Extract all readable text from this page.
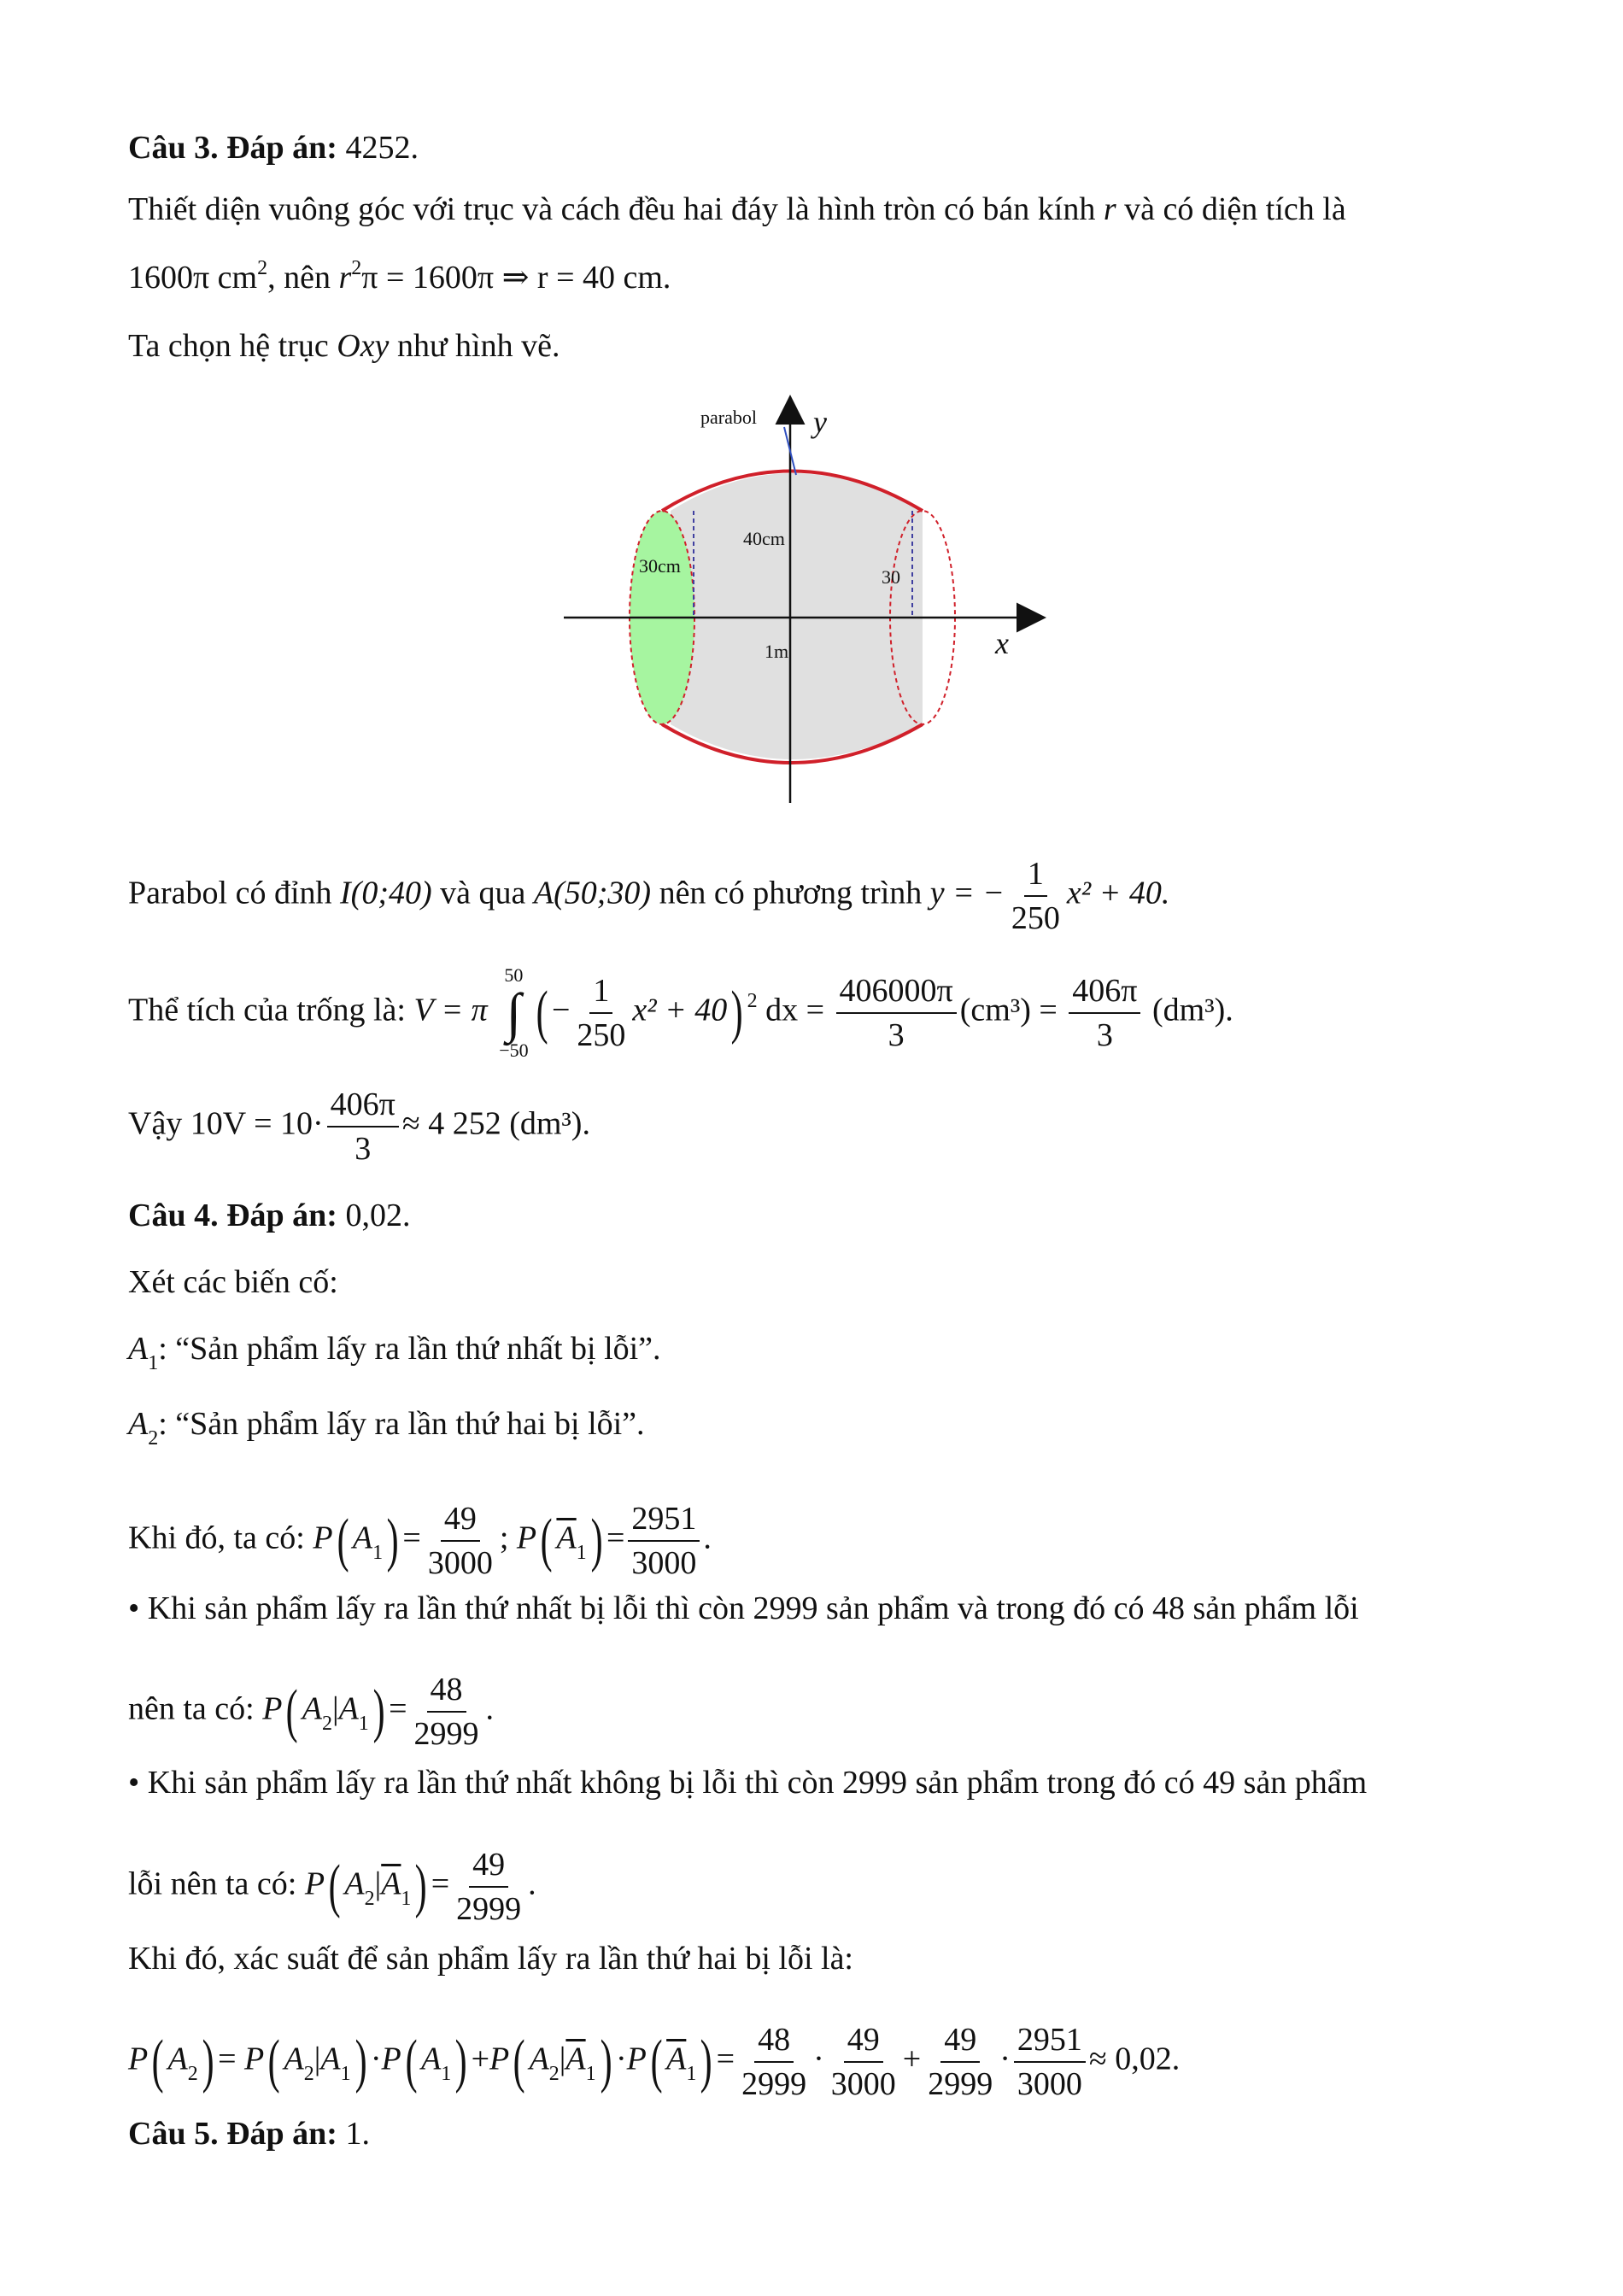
Câu 3. Đáp án: 4252.
Thiết diện vuông góc với trục và cách đều hai đáy là hình tròn có bán kính r và có diện tích là
1600π $cm^2$, nên $r^2\pi = 1600\pi$ ⇒ r = 40 cm.
Ta chọn hệ trục Oxy như hình vẽ.
parabol y
x
40cm
30cm
30
1m
Parabol có đỉnh I(0;40) và qua A(50;30) nên có phương trình y = − $\frac{1}{250} x^2 + 40$.
Thể tích của trống là: V = π
50
∫
−50
( − $\frac{1}{250} x^2 + 40$) $^2$ dx = $\frac{406000\pi}{3} (cm^3) = \frac{406\pi}{3} (dm^3)$.
Vậy $10V = 10\cdot \frac{406\pi}{3} \approx 4$ 252 (dm³).
Câu 4. Đáp án: 0,02.
Xét các biến cố:
$A_1$: “Sản phẩm lấy ra lần thứ nhất bị lỗi”.
$A_2$: “Sản phẩm lấy ra lần thứ hai bị lỗi”.
Khi đó, ta có: P( $A_1) = \frac{49}{3000}$ ; P( $\overline{A}_1) = \frac{2951}{3000}$ .
• Khi sản phẩm lấy ra lần thứ nhất bị lỗi thì còn 2999 sản phẩm và trong đó có 48 sản phẩm lỗi
nên ta có: P( $A_2|A_1) = \frac{48}{2999}$ .
• Khi sản phẩm lấy ra lần thứ nhất không bị lỗi thì còn 2999 sản phẩm trong đó có 49 sản phẩm
lỗi nên ta có: P( $A_2|\overline{A}_1) = \frac{49}{2999}$ .
Khi đó, xác suất để sản phẩm lấy ra lần thứ hai bị lỗi là:
P( $A_2) = P$( $A_2|A_1) \cdot P$( $A_1) +P$( $A_2|\overline{A}_1) \cdot P$( $\overline{A}_1) = \frac{48}{2999} \cdot \frac{49}{3000} + \frac{49}{2999} \cdot \frac{2951}{3000} \approx 0,02$.
Câu 5. Đáp án: 1.
